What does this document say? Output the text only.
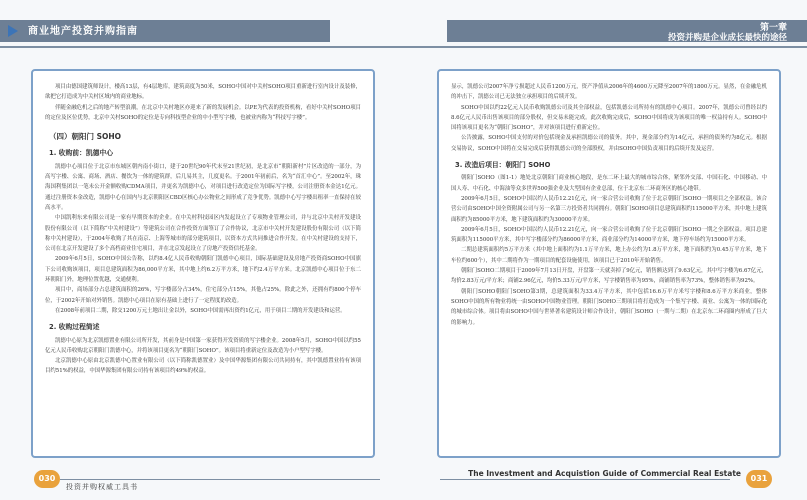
商业地产投资并购指南	第一章
投资并购是企业成长最快的途径

项目由德国建筑师设计，楼高13层，有4层地库，建筑高度为50米，SOHO中国对中关村SOHO项目重新进行室内设计及装修，欲把它打造成为中关村区域内的商业地标。

伴随金融危机之后的地产转型浪潮，在北京中关村地区亦迎来了新的发展机会。以PE为代表的投资机构，看好中关村SOHO项目的定位及区位优势，北京中关村SOHO的定位是专向科技型企业的中小型写字楼，也被业内称为“科技写字楼”。

（四）朝阳门 SOHO
1. 收购前：凯德中心

凯德中心项目位于北京市东城区朝内南小街口，建于20世纪90年代末至21世纪初，是北京市“朝阳新村”片区改造的一部分，为高写字楼、公寓、商场、酒店、餐饮为一体的建筑群，后几易其主，几度更名。于2001年初前后，名为“首汇中心”。至2002年，珠海国利集团以一笔未公开金额收购CDMA项目，并更名为凯德中心，对项目进行改造定位为国际写字楼，公司注册资本金达1亿元。通过注册资本金改造，凯德中心在国内与北京朝阳区CBD区核心办公物业之间形成了竞争优势。凯德中心写字楼出租率一直保持在较高水平。

中国凯利东来有限公司是一家有早期资本的企业。在中关村科技园区内发起设立了专项物业管理公司，并与北京中关村开发建设股份有限公司（以下简称“中关村建设”）等建筑公司在合作投资方面签订了合作协议，北京市中关村开发建设股份有限公司（以下简称中关村建设），于2004年收购了其在南京、上海等城市的部分建筑项目，以资本方式共同推进合作开发。在中关村建设的支持下，公司在北京开发建设了多个高档商业住宅项目，并在北京发起设立了房地产投资信托基金。

2009年6月5日，SOHO中国公告称，以约8.4亿人民币收购朝阳门凯德中心项目，国际基础建设及房地产投资商SOHO中国旗下公司收购该项目，项目总建筑面积为86,000平方米，其中地上约6.2万平方米，地下约2.4万平方米。北京凯德中心项目位于东二环朝阳门外，地理位置优越，交通便利。

项目中，商场部分占总建筑面积的26%，写字楼部分占34%，住宅部分占15%，其他占25%。除此之外，还拥有约800个停车位，于2002年开始对外销售。凯德中心项目在原有基础上进行了一定程度的改造。

在2008年前项目二期，除交1200万元土地出让金以外，SOHO中国需再出资约1亿元，用于项目二期的开发建设和运营。

2. 收购过程简述

凯德中心原为北京凯德置业有限公司所开发，其前身是中国第一家获得开发资质的写字楼企业。2008年5月，SOHO中国以约55亿元人民币收购北京朝阳门凯德中心，并将该项目更名为“朝阳门SOHO”。该项目将重新定位及改造为小户型写字楼。

北京凯德中心原由北京凯德中心置业有限公司（以下简称凯德置业）及中国华源集团有限公司共同持有，其中凯德置业持有该项目约51%的权益，中国华源集团有限公司持有该项目约49%的权益。

显示，凯德公司2007年净亏损超过人民币1200万元，资产净值从2006年的4600万元降至2007年的1800万元。显然，在金融危机的冲击下，凯德公司已无法独立承担项目的后续开发。

SOHO中国以约22亿元人民币收购凯德公司及其全部权益，包括凯德公司所持有的凯德中心项目。2007年，凯德公司曾经以约8.6亿元人民币出售该项目的部分股权，但交易未能完成。此次收购完成后，SOHO中国将成为该项目的唯一权益持有人。SOHO中国将该项目更名为“朝阳门SOHO”，并对该项目进行重新定位。

公告披露，SOHO中国支付的对价包括现金及承担凯德公司的债务。其中，现金部分约为14亿元，承担的债务约为8亿元。根据交易协议，SOHO中国将在交易完成后获得凯德公司的全部股权，并由SOHO中国负责项目的后续开发及运营。

3. 改造后项目：朝阳门 SOHO

朝阳门SOHO（图1-1）地处北京朝阳门商业核心地段，是东二环上最大的城市综合体，紧邻外交部、中国石化、中国移动、中国人寿、中石化、中海油等众多世界500强企业及大型国有企业总部，位于北京东二环商务区的核心地带。

2009年6月5日，SOHO中国以约人民币12.21亿元，向一家合营公司收购了位于北京朝阳门SOHO一期项目之全部权益。该合营公司由SOHO中国全资附属公司与另一名第三方投资者共同拥有。朝阳门SOHO项目总建筑面积约115000平方米，其中地上建筑面积约为85000平方米，地下建筑面积约为30000平方米。

2009年6月5日，SOHO中国以约人民币12.21亿元，向一家合营公司收购了位于北京朝阳门SOHO一期之全部权益。项目总建筑面积为115000平方米，其中写字楼部分约为86000平方米，商业部分约为14000平方米，地下停车场约为15000平方米。

二期总建筑面积约5万平方米（其中地上面积约为1.1万平方米，地上办公约为1.8万平方米，地下面积约为0.45万平方米，地下车位约600个），其中二期将作为一期项目的配套设施使用，该项目已于2010年开始销售。

朝阳门SOHO二期项目于2009年7月13日开盘，开盘第一天就卖掉了9亿元，销售额达到了9.63亿元，其中写字楼为6.67亿元，均价2.83万元/平方米；商铺2.96亿元，均价5.33万元/平方米，写字楼销售率为95%，商铺销售率为73%，整体销售率为92%。

朝阳门SOHO朝阳门SOHO第3期，总建筑面积为33.4万平方米，其中包括16.6万平方米写字楼和8.6万平方米商业，整体SOHO中国的所有物业将统一由SOHO中国物业管理。朝阳门SOHO三期项目将打造成为一个集写字楼、商业、公寓为一体的国际化的城市综合体。项目将由SOHO中国与世界著名建筑设计师合作设计，朝阳门SOHO（一期与二期）在北京东二环商圈内形成了巨大的影响力。

030
投资并购权威工具书
The Investment and Acquistion Guide of Commercial Real Estate
031
